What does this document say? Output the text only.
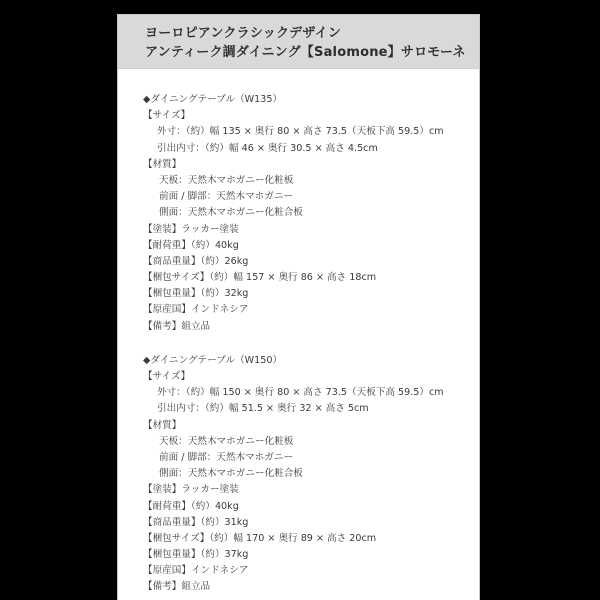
ヨーロピアンクラシックデザイン
アンティーク調ダイニング【Salomone】サロモーネ
◆ダイニングテーブル（W135）
【サイズ】
外寸：（約）幅 135 × 奥行 80 × 高さ 73.5（天板下高 59.5）cm
引出内寸：（約）幅 46 × 奥行 30.5 × 高さ 4.5cm
【材質】
天板：天然木マホガニー化粧板
前面 / 脚部：天然木マホガニー
側面：天然木マホガニー化粧合板
【塗装】ラッカー塗装
【耐荷重】（約）40kg
【商品重量】（約）26kg
【梱包サイズ】（約）幅 157 × 奥行 86 × 高さ 18cm
【梱包重量】（約）32kg
【原産国】インドネシア
【備考】組立品
◆ダイニングテーブル（W150）
【サイズ】
外寸：（約）幅 150 × 奥行 80 × 高さ 73.5（天板下高 59.5）cm
引出内寸：（約）幅 51.5 × 奥行 32 × 高さ 5cm
【材質】
天板：天然木マホガニー化粧板
前面 / 脚部：天然木マホガニー
側面：天然木マホガニー化粧合板
【塗装】ラッカー塗装
【耐荷重】（約）40kg
【商品重量】（約）31kg
【梱包サイズ】（約）幅 170 × 奥行 89 × 高さ 20cm
【梱包重量】（約）37kg
【原産国】インドネシア
【備考】組立品
